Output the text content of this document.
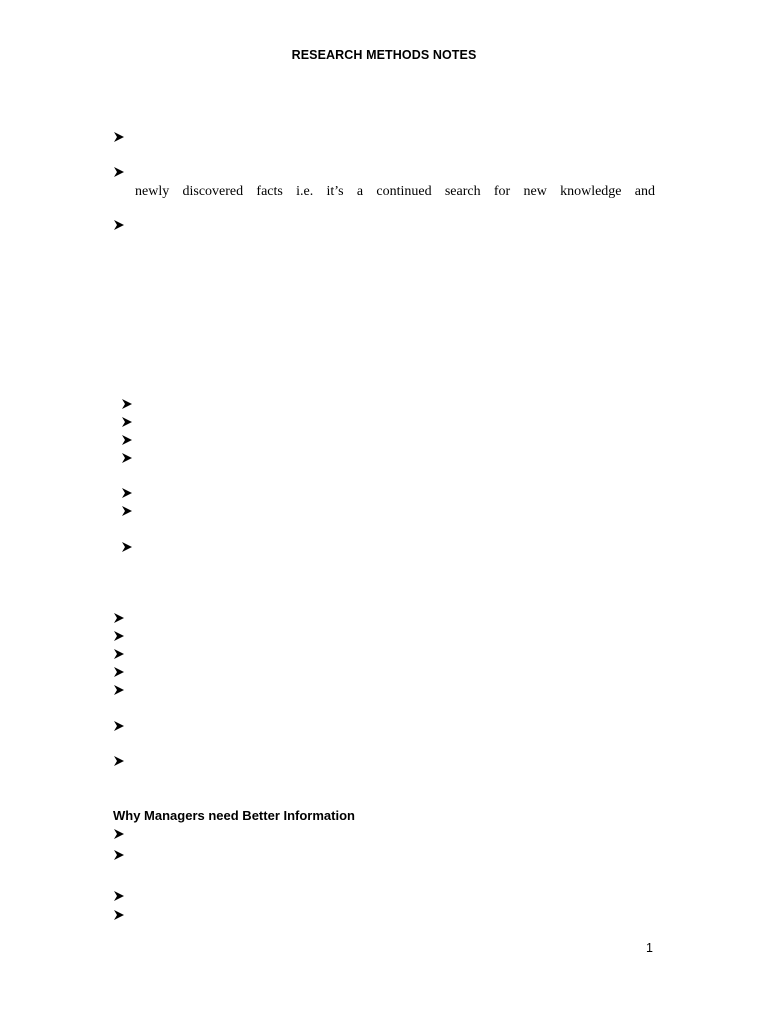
RESEARCH METHODS NOTES
newly discovered facts i.e. it’s a continued search for new knowledge and
Why Managers need Better Information
1
